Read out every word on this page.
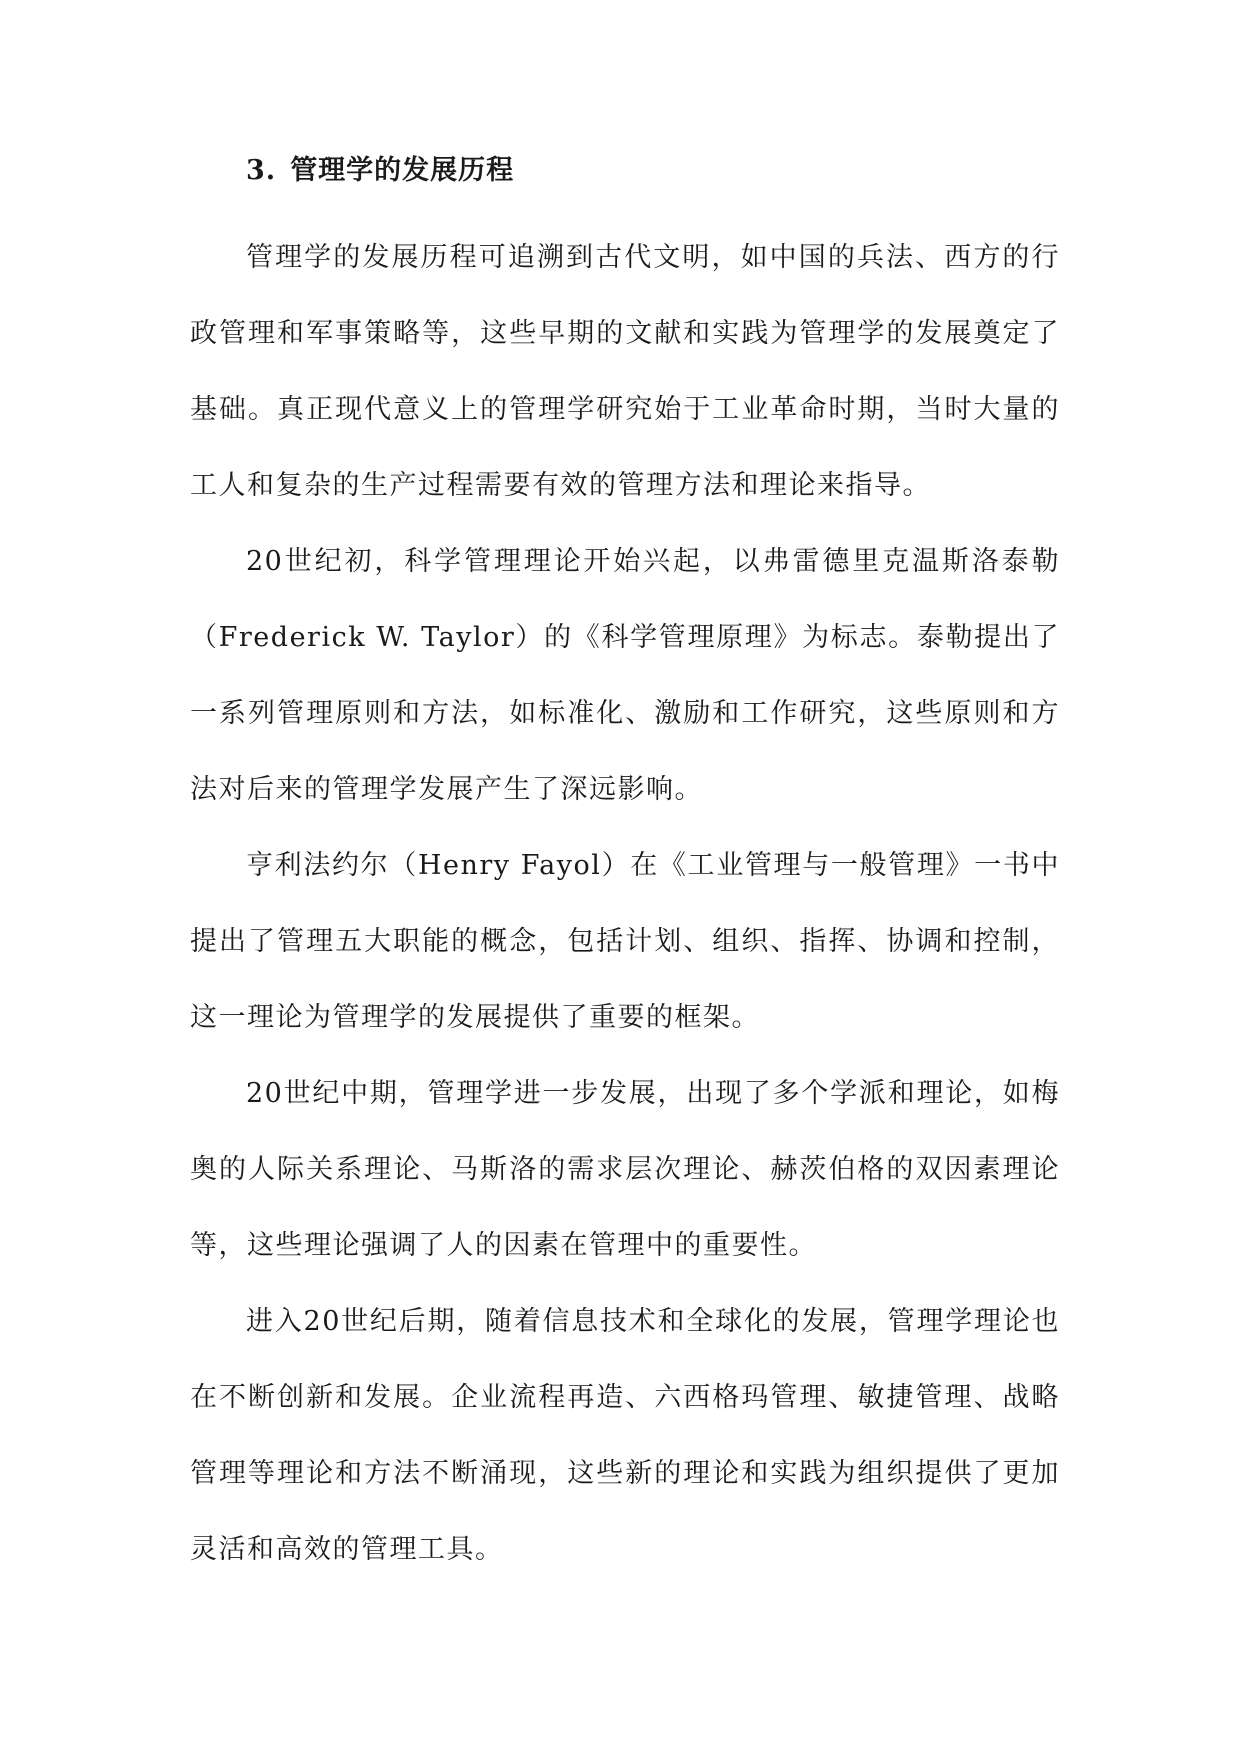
3. 管理学的发展历程

管理学的发展历程可追溯到古代文明，如中国的兵法、西方的行政管理和军事策略等，这些早期的文献和实践为管理学的发展奠定了基础。真正现代意义上的管理学研究始于工业革命时期，当时大量的工人和复杂的生产过程需要有效的管理方法和理论来指导。

20世纪初，科学管理理论开始兴起，以弗雷德里克温斯洛泰勒（Frederick W. Taylor）的《科学管理原理》为标志。泰勒提出了一系列管理原则和方法，如标准化、激励和工作研究，这些原则和方法对后来的管理学发展产生了深远影响。

亨利法约尔（Henry Fayol）在《工业管理与一般管理》一书中提出了管理五大职能的概念，包括计划、组织、指挥、协调和控制，这一理论为管理学的发展提供了重要的框架。

20世纪中期，管理学进一步发展，出现了多个学派和理论，如梅奥的人际关系理论、马斯洛的需求层次理论、赫茨伯格的双因素理论等，这些理论强调了人的因素在管理中的重要性。

进入20世纪后期，随着信息技术和全球化的发展，管理学理论也在不断创新和发展。企业流程再造、六西格玛管理、敏捷管理、战略管理等理论和方法不断涌现，这些新的理论和实践为组织提供了更加灵活和高效的管理工具。
